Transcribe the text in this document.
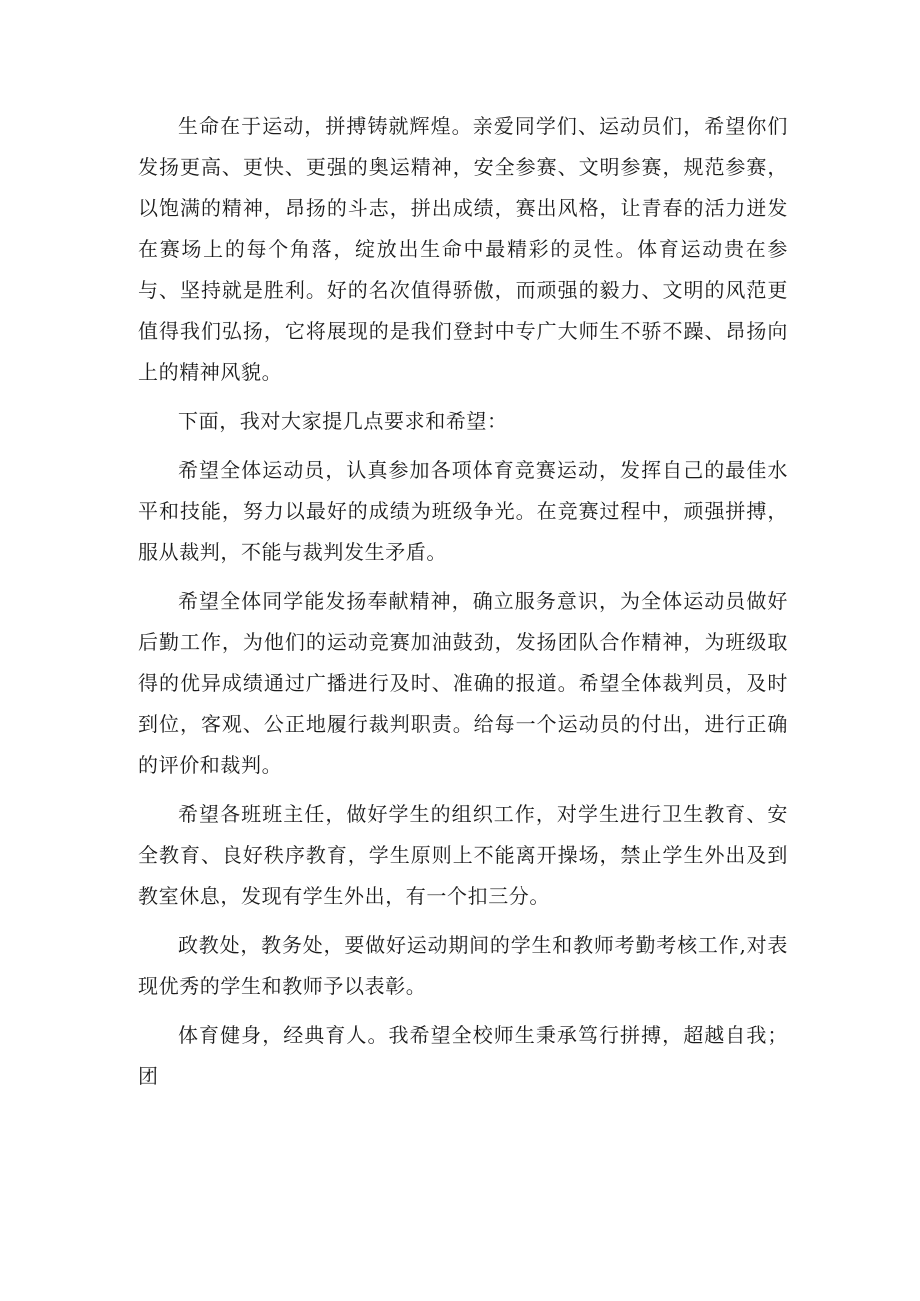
生命在于运动，拼搏铸就辉煌。亲爱同学们、运动员们，希望你们发扬更高、更快、更强的奥运精神，安全参赛、文明参赛，规范参赛，以饱满的精神，昂扬的斗志，拼出成绩，赛出风格，让青春的活力迸发在赛场上的每个角落，绽放出生命中最精彩的灵性。体育运动贵在参与、坚持就是胜利。好的名次值得骄傲，而顽强的毅力、文明的风范更值得我们弘扬，它将展现的是我们登封中专广大师生不骄不躁、昂扬向上的精神风貌。

下面，我对大家提几点要求和希望：

希望全体运动员，认真参加各项体育竞赛运动，发挥自己的最佳水平和技能，努力以最好的成绩为班级争光。在竞赛过程中，顽强拼搏，服从裁判，不能与裁判发生矛盾。

希望全体同学能发扬奉献精神，确立服务意识，为全体运动员做好后勤工作，为他们的运动竞赛加油鼓劲，发扬团队合作精神，为班级取得的优异成绩通过广播进行及时、准确的报道。希望全体裁判员，及时到位，客观、公正地履行裁判职责。给每一个运动员的付出，进行正确的评价和裁判。

希望各班班主任，做好学生的组织工作，对学生进行卫生教育、安全教育、良好秩序教育，学生原则上不能离开操场，禁止学生外出及到教室休息，发现有学生外出，有一个扣三分。

政教处，教务处，要做好运动期间的学生和教师考勤考核工作,对表现优秀的学生和教师予以表彰。

体育健身，经典育人。我希望全校师生秉承笃行拼搏，超越自我；团
